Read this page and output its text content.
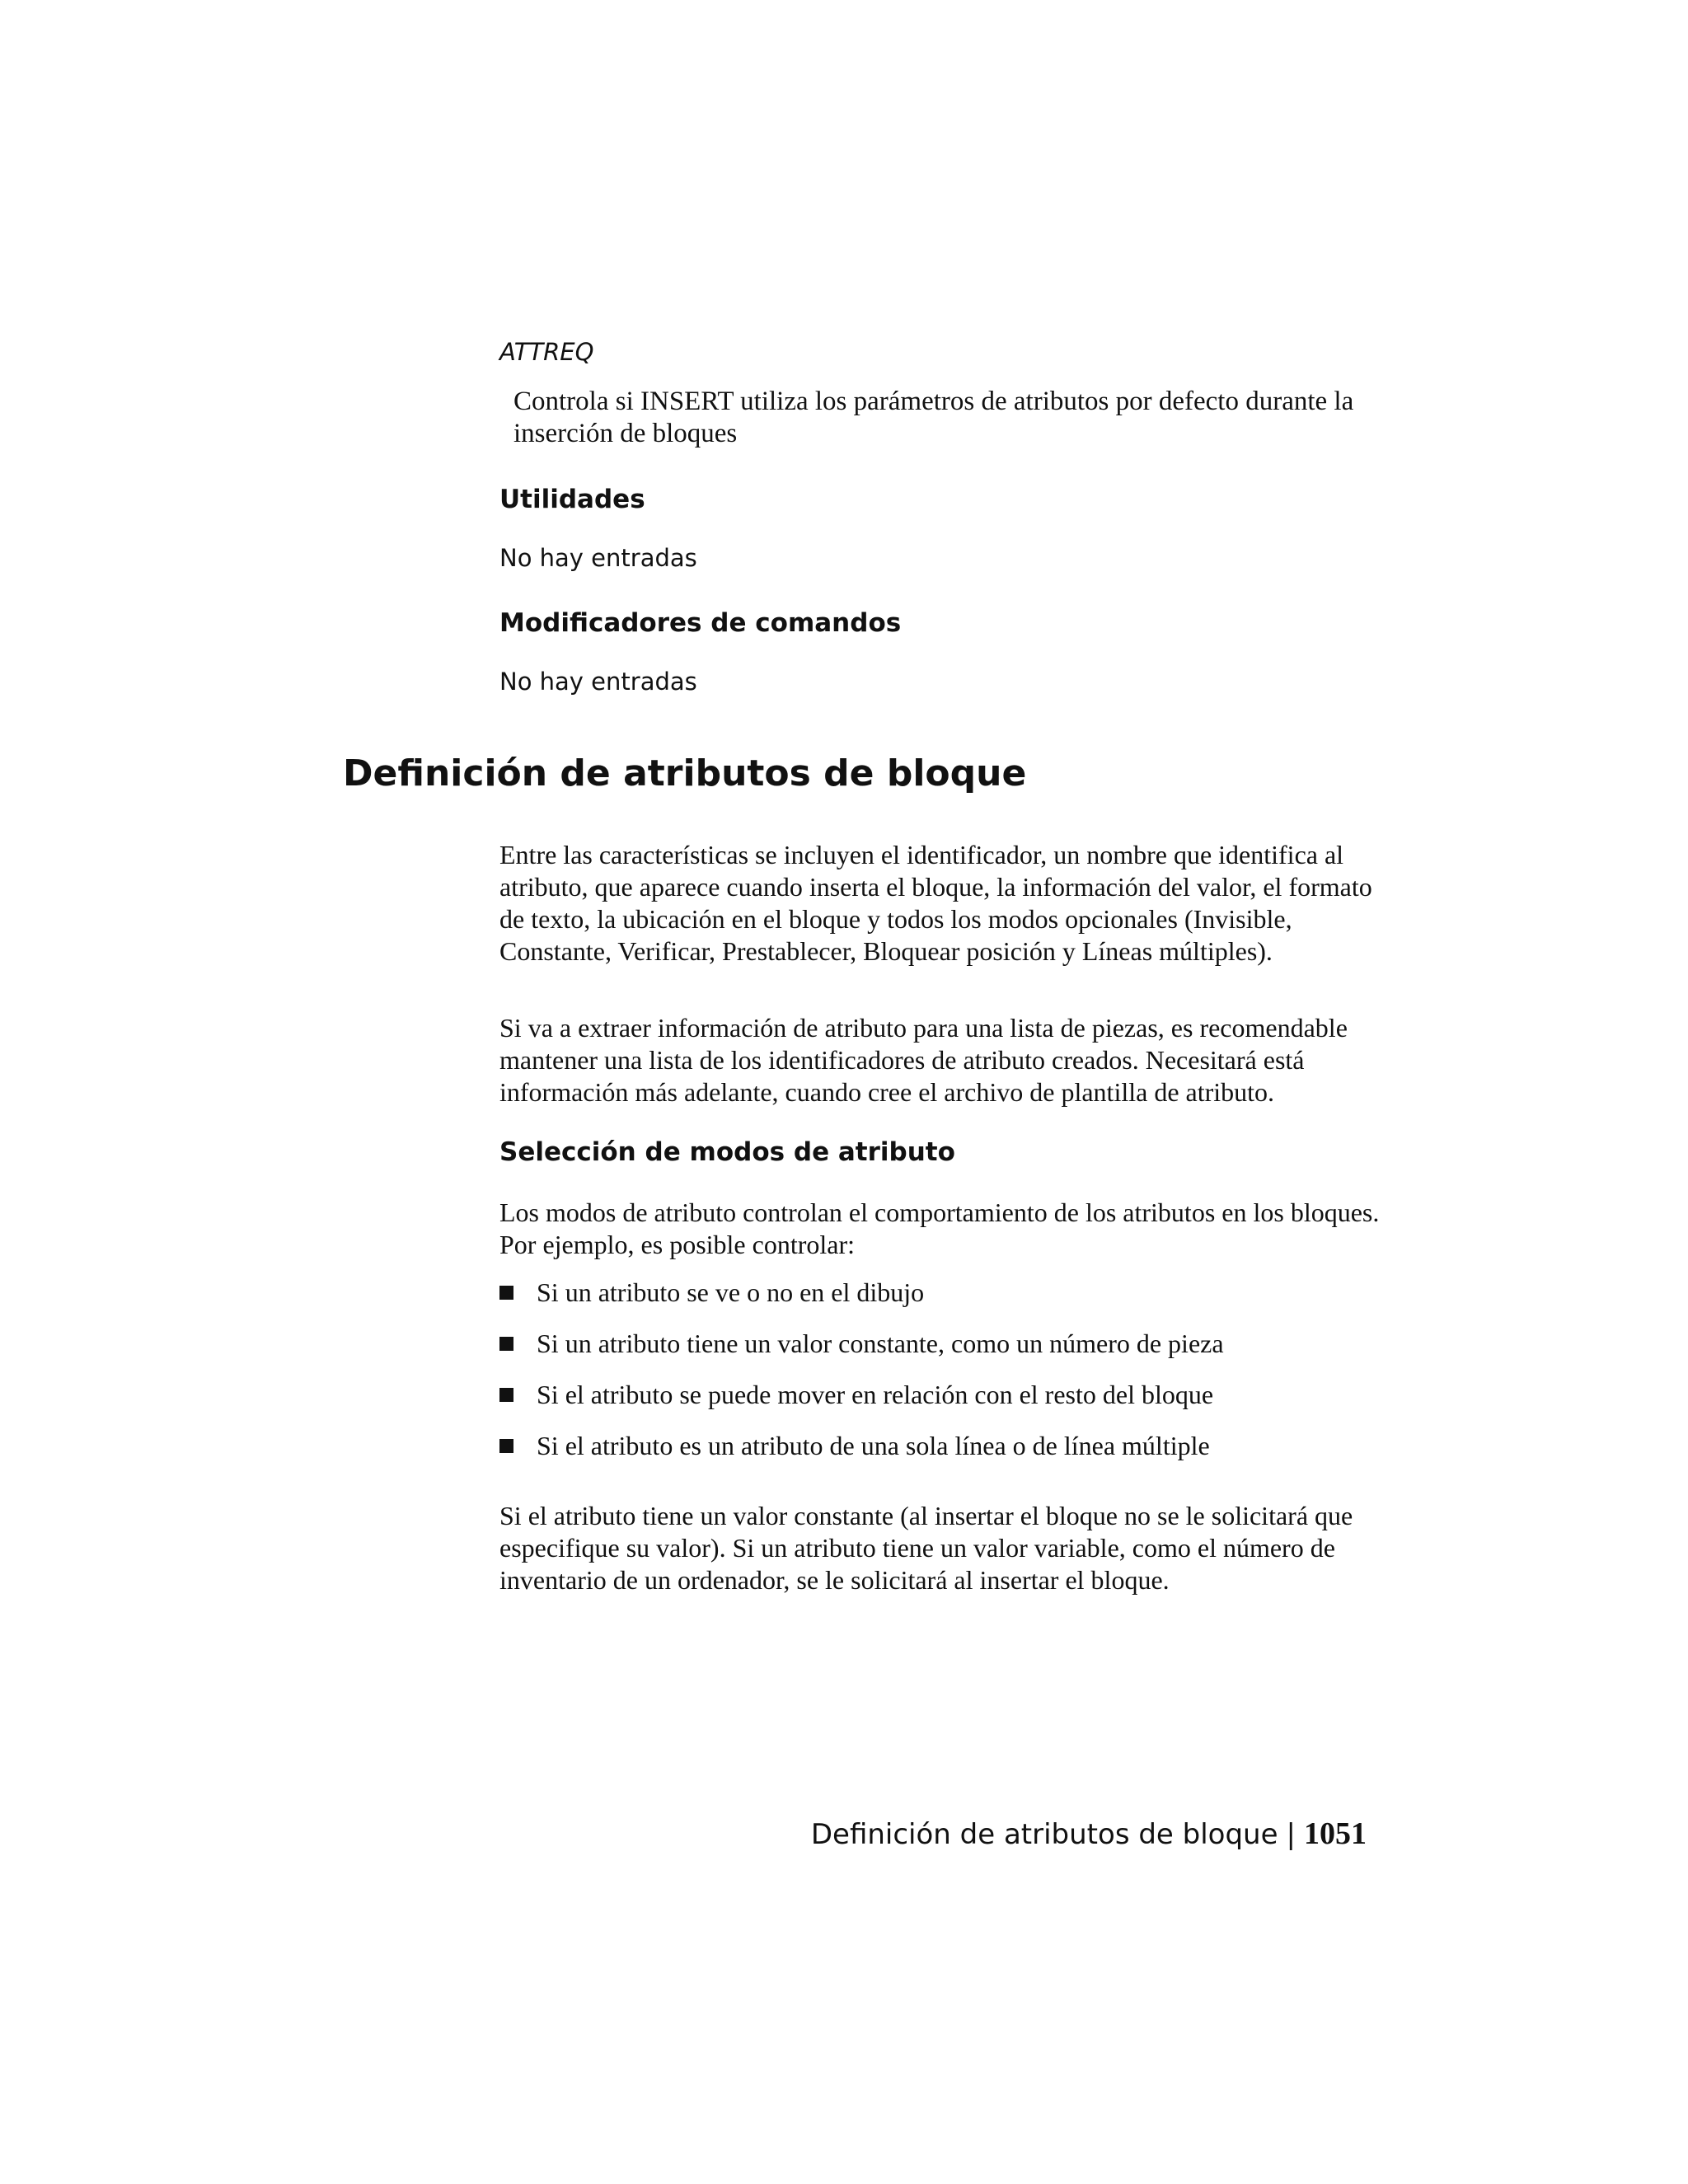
ATTREQ
Controla si INSERT utiliza los parámetros de atributos por defecto durante la inserción de bloques
Utilidades
No hay entradas
Modificadores de comandos
No hay entradas
Definición de atributos de bloque
Entre las características se incluyen el identificador, un nombre que identifica al atributo, que aparece cuando inserta el bloque, la información del valor, el formato de texto, la ubicación en el bloque y todos los modos opcionales (Invisible, Constante, Verificar, Prestablecer, Bloquear posición y Líneas múltiples).
Si va a extraer información de atributo para una lista de piezas, es recomendable mantener una lista de los identificadores de atributo creados. Necesitará está información más adelante, cuando cree el archivo de plantilla de atributo.
Selección de modos de atributo
Los modos de atributo controlan el comportamiento de los atributos en los bloques. Por ejemplo, es posible controlar:
Si un atributo se ve o no en el dibujo
Si un atributo tiene un valor constante, como un número de pieza
Si el atributo se puede mover en relación con el resto del bloque
Si el atributo es un atributo de una sola línea o de línea múltiple
Si el atributo tiene un valor constante (al insertar el bloque no se le solicitará que especifique su valor). Si un atributo tiene un valor variable, como el número de inventario de un ordenador, se le solicitará al insertar el bloque.
Definición de atributos de bloque | 1051
